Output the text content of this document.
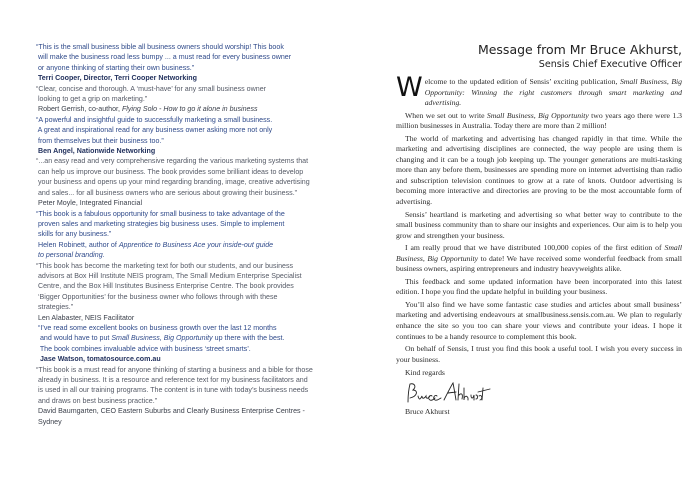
“This is the small business bible all business owners should worship! This book
will make the business road less bumpy ... a must read for every business owner
or anyone thinking of starting their own business.”
Terri Cooper, Director, Terri Cooper Networking
“Clear, concise and thorough. A ‘must-have’ for any small business owner
looking to get a grip on marketing.”
Robert Gerrish, co-author, Flying Solo - How to go it alone in business
“A powerful and insightful guide to successfully marketing a small business.
A great and inspirational read for any business owner asking more not only
from themselves but their business too.”
Ben Angel, Nationwide Networking
“...an easy read and very comprehensive regarding the various marketing systems that
can help us improve our business. The book provides some brilliant ideas to develop
your business and opens up your mind regarding branding, image, creative advertising
and sales... for all business owners who are serious about growing their business.”
Peter Moyle, Integrated Financial
“This book is a fabulous opportunity for small business to take advantage of the
proven sales and marketing strategies big business uses. Simple to implement
skills for any business.”
Helen Robinett, author of Apprentice to Business Ace your inside-out guide
to personal branding.
“This book has become the marketing text for both our students, and our business
advisors at Box Hill Institute NEIS program, The Small Medium Enterprise Specialist
Centre, and the Box Hill Institutes Business Enterprise Centre. The book provides
‘Bigger Opportunities’ for the business owner who follows through with these
strategies.”
Len Alabaster, NEIS Facilitator
“I’ve read some excellent books on business growth over the last 12 months
and would have to put Small Business, Big Opportunity up there with the best.
The book combines invaluable advice with business ‘street smarts’.
Jase Watson, tomatosource.com.au
“This book is a must read for anyone thinking of starting a business and a bible for those
already in business. It is a resource and reference text for my business facilitators and
is used in all our training programs. The content is in tune with today’s business needs
and draws on best business practice.”
David Baumgarten, CEO Eastern Suburbs and Clearly Business Enterprise Centres -
Sydney
Message from Mr Bruce Akhurst,
Sensis Chief Executive Officer

Welcome to the updated edition of Sensis’ exciting publication, Small Business, Big Opportunity: Winning the right customers through smart marketing and advertising.

When we set out to write Small Business, Big Opportunity two years ago there were 1.3 million businesses in Australia. Today there are more than 2 million!

The world of marketing and advertising has changed rapidly in that time. While the marketing and advertising disciplines are connected, the way people are using them is changing and it can be a tough job keeping up. The younger generations are multi-tasking more than any before them, businesses are spending more on internet advertising than radio and subscription television continues to grow at a rate of knots. Outdoor advertising is becoming more interactive and directories are proving to be the most accountable form of advertising.

Sensis’ heartland is marketing and advertising so what better way to contribute to the small business community than to share our insights and experiences. Our aim is to help you grow and strengthen your business.

I am really proud that we have distributed 100,000 copies of the first edition of Small Business, Big Opportunity to date! We have received some wonderful feedback from small business owners, aspiring entrepreneurs and industry heavyweights alike.

This feedback and some updated information have been incorporated into this latest edition. I hope you find the update helpful in building your business.

You’ll also find we have some fantastic case studies and articles about small business’ marketing and advertising endeavours at smallbusiness.sensis.com.au. We plan to regularly enhance the site so you too can share your views and contribute your ideas. I hope it continues to be a handy resource to complement this book.

On behalf of Sensis, I trust you find this book a useful tool. I wish you every success in your business.

Kind regards
Bruce Akhurst
